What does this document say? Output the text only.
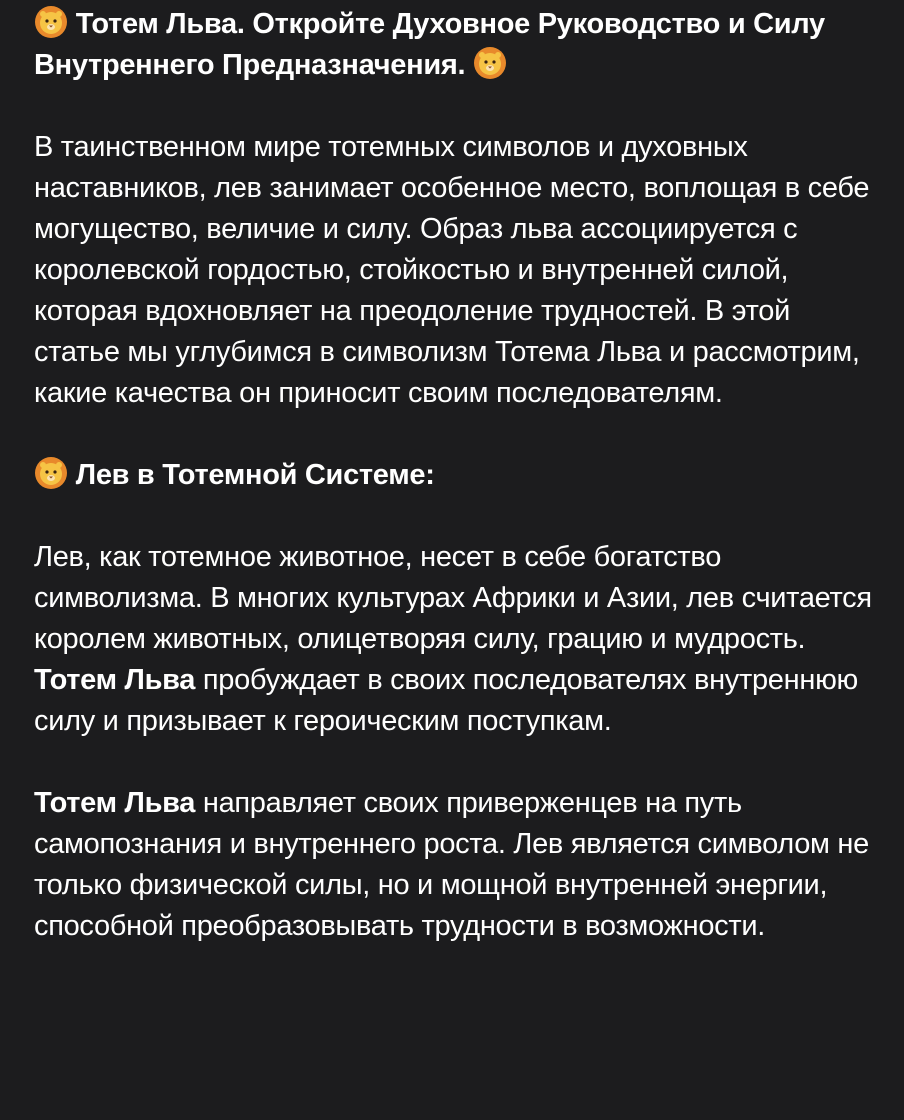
Тотем Льва. Откройте Духовное Руководство и Силу Внутреннего Предназначения.

В таинственном мире тотемных символов и духовных наставников, лев занимает особенное место, воплощая в себе могущество, величие и силу. Образ льва ассоциируется с королевской гордостью, стойкостью и внутренней силой, которая вдохновляет на преодоление трудностей. В этой статье мы углубимся в символизм Тотема Льва и рассмотрим, какие качества он приносит своим последователям.

Лев в Тотемной Системе:

Лев, как тотемное животное, несет в себе богатство символизма. В многих культурах Африки и Азии, лев считается королем животных, олицетворяя силу, грацию и мудрость. Тотем Льва пробуждает в своих последователях внутреннюю силу и призывает к героическим поступкам.

Тотем Льва направляет своих приверженцев на путь самопознания и внутреннего роста. Лев является символом не только физической силы, но и мощной внутренней энергии, способной преобразовывать трудности в возможности.
